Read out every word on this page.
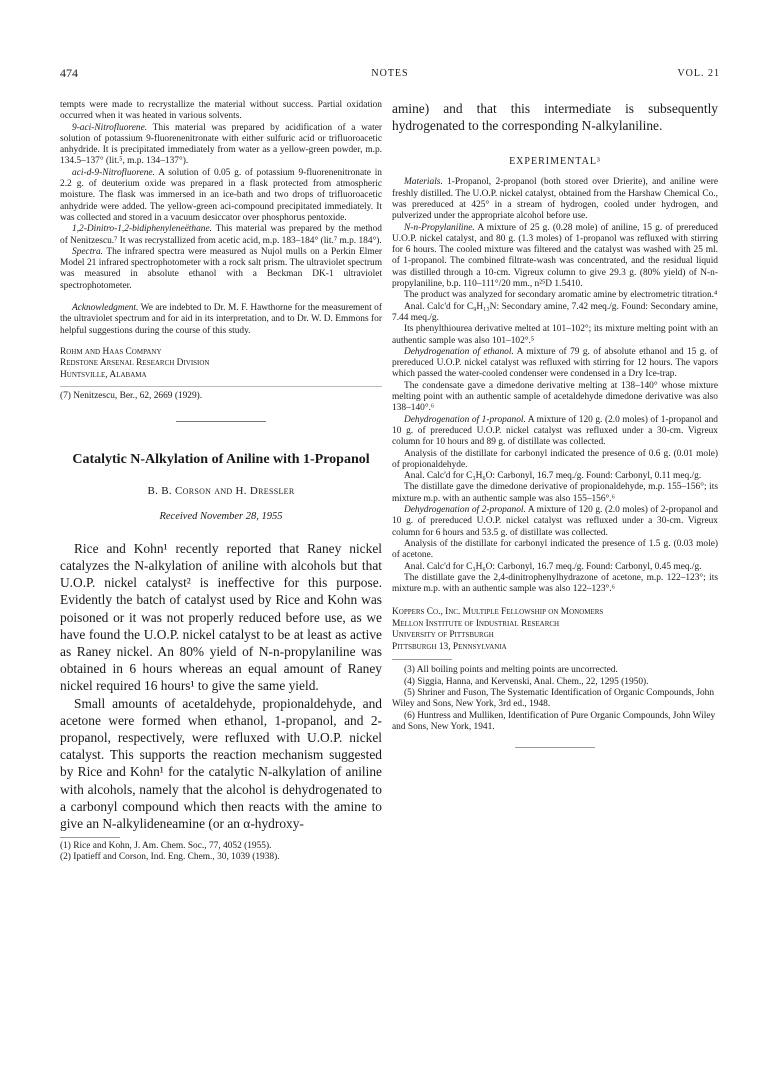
474	NOTES	VOL. 21

tempts were made to recrystallize the material without success. Partial oxidation occurred when it was heated in various solvents.

9-aci-Nitrofluorene. This material was prepared by acidification of a water solution of potassium 9-fluorenenitronate with either sulfuric acid or trifluoroacetic anhydride. It is precipitated immediately from water as a yellow-green powder, m.p. 134.5–137° (lit.⁵, m.p. 134–137°).

aci-d-9-Nitrofluorene. A solution of 0.05 g. of potassium 9-fluorenenitronate in 2.2 g. of deuterium oxide was prepared in a flask protected from atmospheric moisture. The flask was immersed in an ice-bath and two drops of trifluoroacetic anhydride were added. The yellow-green aci-compound precipitated immediately. It was collected and stored in a vacuum desiccator over phosphorus pentoxide.

1,2-Dinitro-1,2-bidiphenyleneëthane. This material was prepared by the method of Nenitzescu.⁷ It was recrystallized from acetic acid, m.p. 183–184° (lit.⁷ m.p. 184°).

Spectra. The infrared spectra were measured as Nujol mulls on a Perkin Elmer Model 21 infrared spectrophotometer with a rock salt prism. The ultraviolet spectrum was measured in absolute ethanol with a Beckman DK-1 ultraviolet spectrophotometer.

Acknowledgment. We are indebted to Dr. M. F. Hawthorne for the measurement of the ultraviolet spectrum and for aid in its interpretation, and to Dr. W. D. Emmons for helpful suggestions during the course of this study.

Rohm and Haas Company

Redstone Arsenal Research Division

Huntsville, Alabama

(7) Nenitzescu, Ber., 62, 2669 (1929).

Catalytic N-Alkylation of Aniline with 1-Propanol

B. B. Corson and H. Dressler

Received November 28, 1955

Rice and Kohn¹ recently reported that Raney nickel catalyzes the N-alkylation of aniline with alcohols but that U.O.P. nickel catalyst² is ineffective for this purpose. Evidently the batch of catalyst used by Rice and Kohn was poisoned or it was not properly reduced before use, as we have found the U.O.P. nickel catalyst to be at least as active as Raney nickel. An 80% yield of N-n-propylaniline was obtained in 6 hours whereas an equal amount of Raney nickel required 16 hours¹ to give the same yield.

Small amounts of acetaldehyde, propionaldehyde, and acetone were formed when ethanol, 1-propanol, and 2-propanol, respectively, were refluxed with U.O.P. nickel catalyst. This supports the reaction mechanism suggested by Rice and Kohn¹ for the catalytic N-alkylation of aniline with alcohols, namely that the alcohol is dehydrogenated to a carbonyl compound which then reacts with the amine to give an N-alkylideneamine (or an α-hydroxy-

(1) Rice and Kohn, J. Am. Chem. Soc., 77, 4052 (1955).

(2) Ipatieff and Corson, Ind. Eng. Chem., 30, 1039 (1938).

amine) and that this intermediate is subsequently hydrogenated to the corresponding N-alkylaniline.

EXPERIMENTAL³

Materials. 1-Propanol, 2-propanol (both stored over Drierite), and aniline were freshly distilled. The U.O.P. nickel catalyst, obtained from the Harshaw Chemical Co., was prereduced at 425° in a stream of hydrogen, cooled under hydrogen, and pulverized under the appropriate alcohol before use.

N-n-Propylaniline. A mixture of 25 g. (0.28 mole) of aniline, 15 g. of prereduced U.O.P. nickel catalyst, and 80 g. (1.3 moles) of 1-propanol was refluxed with stirring for 6 hours. The cooled mixture was filtered and the catalyst was washed with 25 ml. of 1-propanol. The combined filtrate-wash was concentrated, and the residual liquid was distilled through a 10-cm. Vigreux column to give 29.3 g. (80% yield) of N-n-propylaniline, b.p. 110–111°/20 mm., n²⁵D 1.5410.

The product was analyzed for secondary aromatic amine by electrometric titration.⁴

Anal. Calc'd for C₉H₁₃N: Secondary amine, 7.42 meq./g. Found: Secondary amine, 7.44 meq./g.

Its phenylthiourea derivative melted at 101–102°; its mixture melting point with an authentic sample was also 101–102°.⁵

Dehydrogenation of ethanol. A mixture of 79 g. of absolute ethanol and 15 g. of prereduced U.O.P. nickel catalyst was refluxed with stirring for 12 hours. The vapors which passed the water-cooled condenser were condensed in a Dry Ice-trap.

The condensate gave a dimedone derivative melting at 138–140° whose mixture melting point with an authentic sample of acetaldehyde dimedone derivative was also 138–140°.⁶

Dehydrogenation of 1-propanol. A mixture of 120 g. (2.0 moles) of 1-propanol and 10 g. of prereduced U.O.P. nickel catalyst was refluxed under a 30-cm. Vigreux column for 10 hours and 89 g. of distillate was collected.

Analysis of the distillate for carbonyl indicated the presence of 0.6 g. (0.01 mole) of propionaldehyde.

Anal. Calc'd for C₃H₆O: Carbonyl, 16.7 meq./g. Found: Carbonyl, 0.11 meq./g.

The distillate gave the dimedone derivative of propionaldehyde, m.p. 155–156°; its mixture m.p. with an authentic sample was also 155–156°.⁶

Dehydrogenation of 2-propanol. A mixture of 120 g. (2.0 moles) of 2-propanol and 10 g. of prereduced U.O.P. nickel catalyst was refluxed under a 30-cm. Vigreux column for 6 hours and 53.5 g. of distillate was collected.

Analysis of the distillate for carbonyl indicated the presence of 1.5 g. (0.03 mole) of acetone.

Anal. Calc'd for C₃H₆O: Carbonyl, 16.7 meq./g. Found: Carbonyl, 0.45 meq./g.

The distillate gave the 2,4-dinitrophenylhydrazone of acetone, m.p. 122–123°; its mixture m.p. with an authentic sample was also 122–123°.⁶

Koppers Co., Inc. Multiple Fellowship on Monomers

Mellon Institute of Industrial Research

University of Pittsburgh

Pittsburgh 13, Pennsylvania

(3) All boiling points and melting points are uncorrected.

(4) Siggia, Hanna, and Kervenski, Anal. Chem., 22, 1295 (1950).

(5) Shriner and Fuson, The Systematic Identification of Organic Compounds, John Wiley and Sons, New York, 3rd ed., 1948.

(6) Huntress and Mulliken, Identification of Pure Organic Compounds, John Wiley and Sons, New York, 1941.
